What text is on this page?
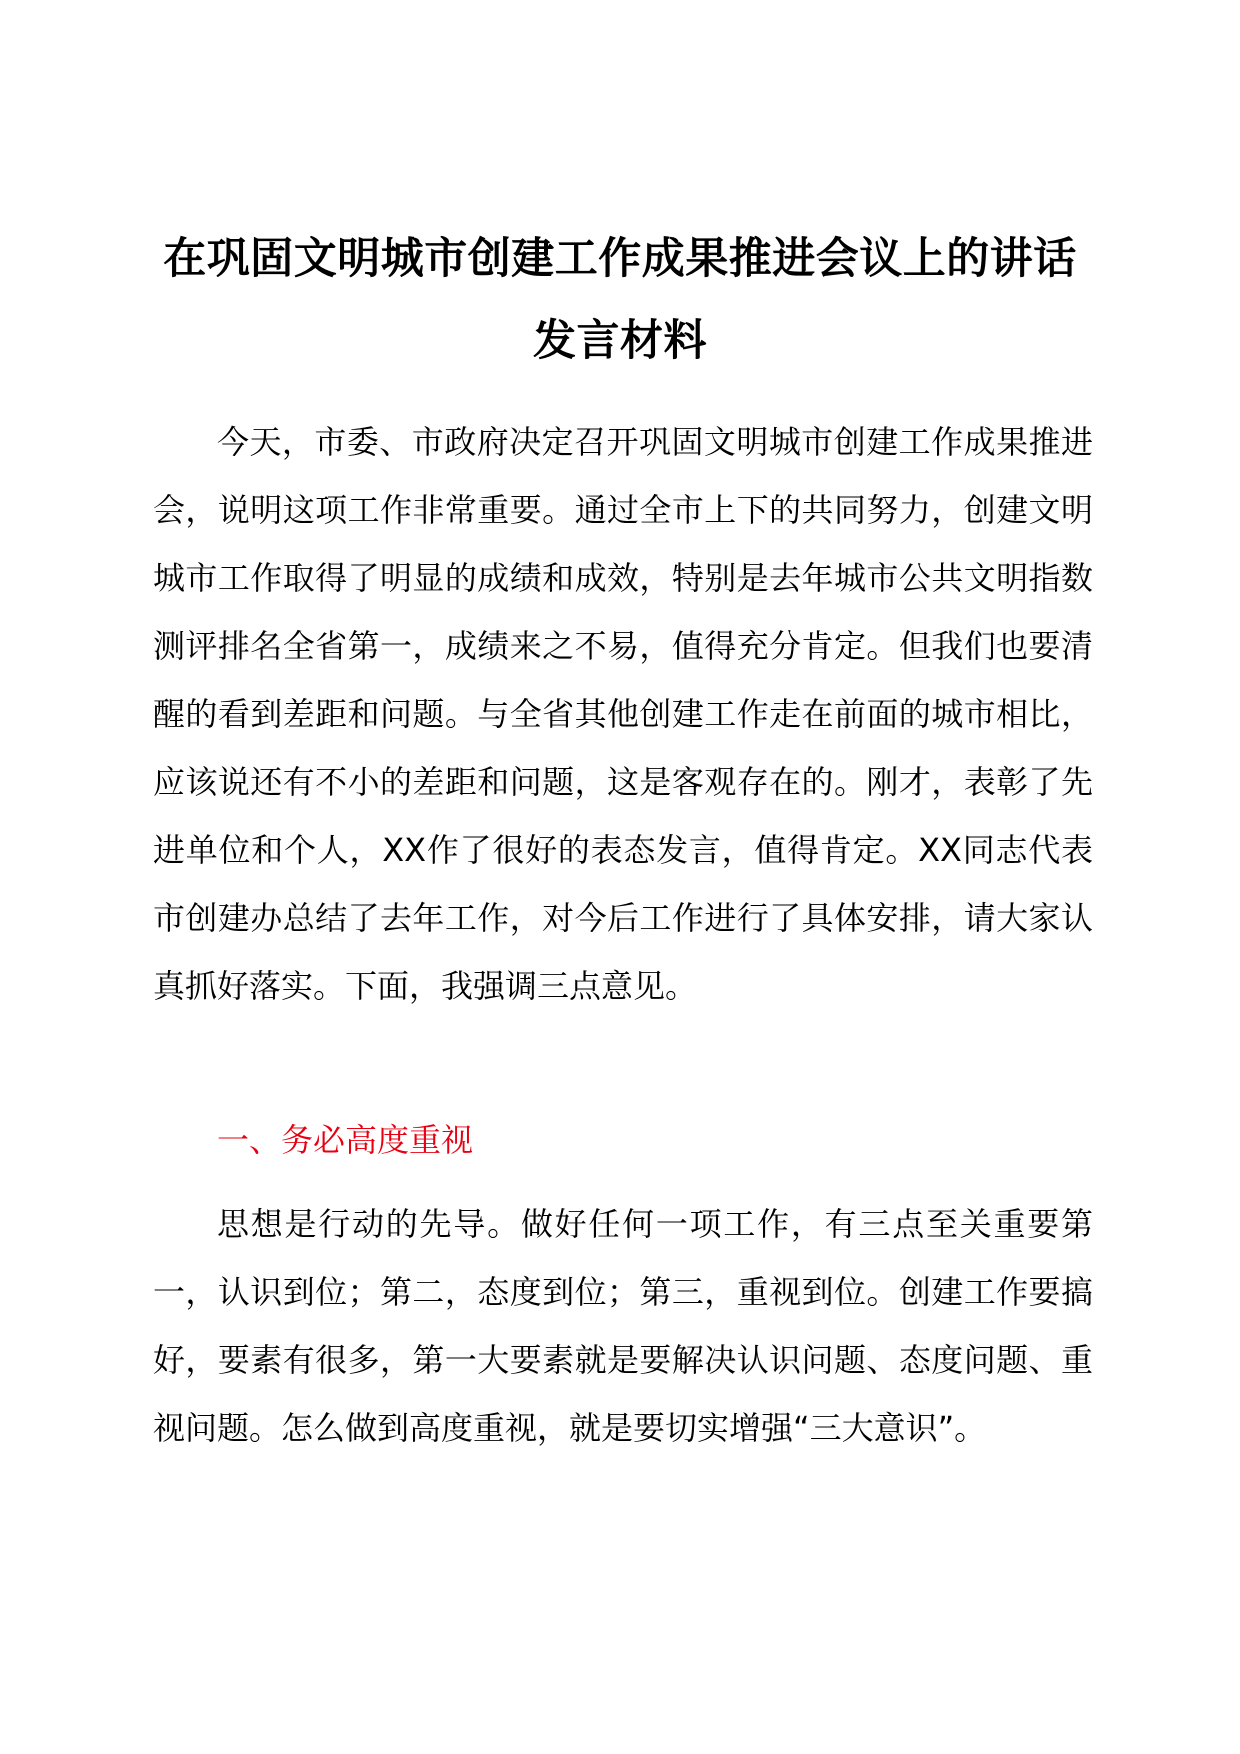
在巩固文明城市创建工作成果推进会议上的讲话发言材料

今天，市委、市政府决定召开巩固文明城市创建工作成果推进会，说明这项工作非常重要。通过全市上下的共同努力，创建文明城市工作取得了明显的成绩和成效，特别是去年城市公共文明指数测评排名全省第一，成绩来之不易，值得充分肯定。但我们也要清醒的看到差距和问题。与全省其他创建工作走在前面的城市相比，应该说还有不小的差距和问题，这是客观存在的。刚才，表彰了先进单位和个人，XX作了很好的表态发言，值得肯定。XX同志代表市创建办总结了去年工作，对今后工作进行了具体安排，请大家认真抓好落实。下面，我强调三点意见。

一、务必高度重视

思想是行动的先导。做好任何一项工作，有三点至关重要第一，认识到位；第二，态度到位；第三，重视到位。创建工作要搞好，要素有很多，第一大要素就是要解决认识问题、态度问题、重视问题。怎么做到高度重视，就是要切实增强“三大意识”。
